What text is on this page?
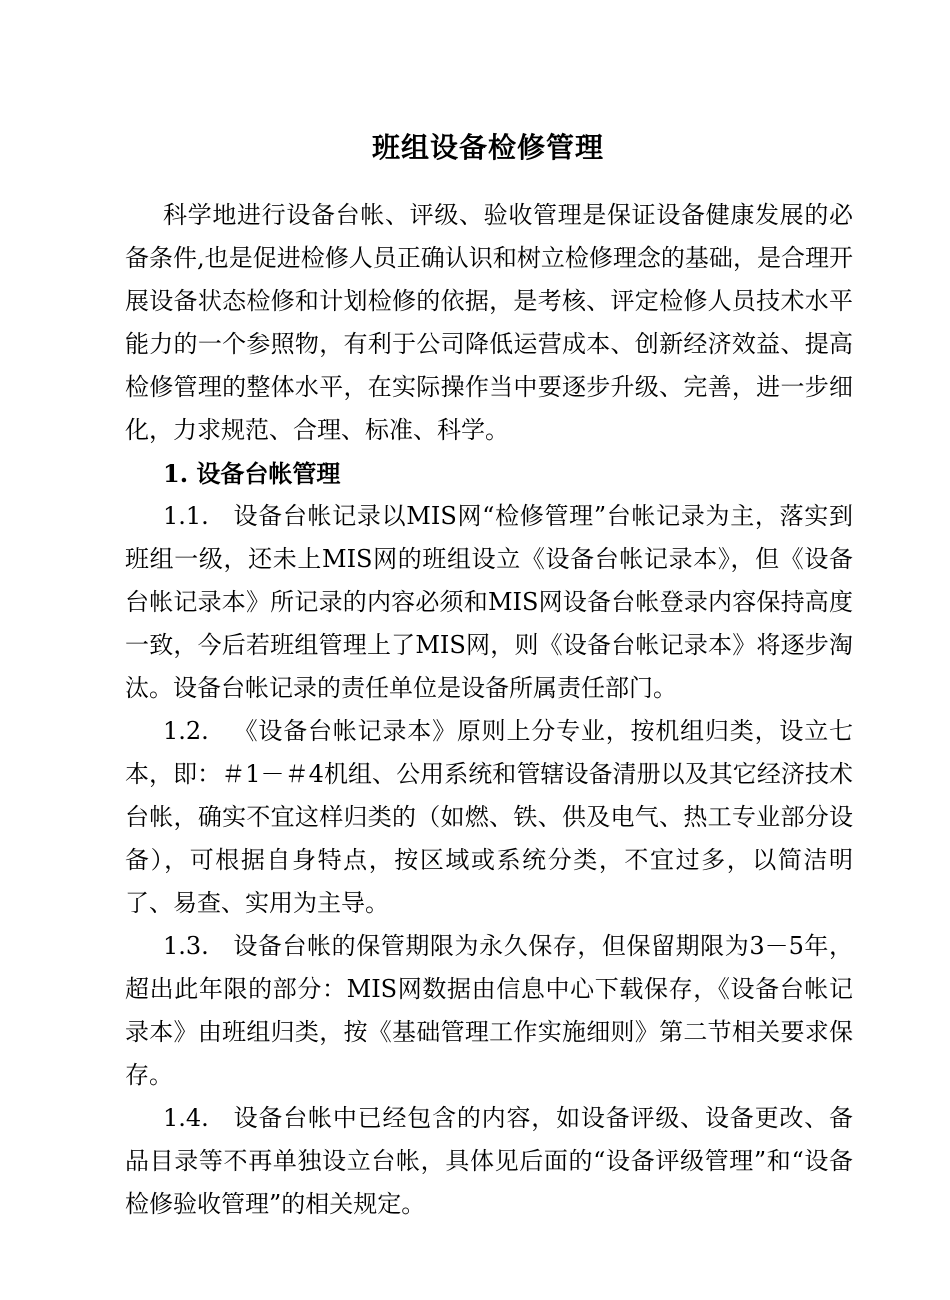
班组设备检修管理

科学地进行设备台帐、评级、验收管理是保证设备健康发展的必备条件,也是促进检修人员正确认识和树立检修理念的基础，是合理开展设备状态检修和计划检修的依据，是考核、评定检修人员技术水平能力的一个参照物，有利于公司降低运营成本、创新经济效益、提高检修管理的整体水平，在实际操作当中要逐步升级、完善，进一步细化，力求规范、合理、标准、科学。

1. 设备台帐管理

1.1. 设备台帐记录以MIS网“检修管理”台帐记录为主，落实到班组一级，还未上MIS网的班组设立《设备台帐记录本》，但《设备台帐记录本》所记录的内容必须和MIS网设备台帐登录内容保持高度一致，今后若班组管理上了MIS网，则《设备台帐记录本》将逐步淘汰。设备台帐记录的责任单位是设备所属责任部门。

1.2. 《设备台帐记录本》原则上分专业，按机组归类，设立七本，即：＃1－＃4机组、公用系统和管辖设备清册以及其它经济技术台帐，确实不宜这样归类的（如燃、铁、供及电气、热工专业部分设备），可根据自身特点，按区域或系统分类，不宜过多，以简洁明了、易查、实用为主导。

1.3. 设备台帐的保管期限为永久保存，但保留期限为3－5年，超出此年限的部分：MIS网数据由信息中心下载保存，《设备台帐记录本》由班组归类，按《基础管理工作实施细则》第二节相关要求保存。

1.4. 设备台帐中已经包含的内容，如设备评级、设备更改、备品目录等不再单独设立台帐，具体见后面的“设备评级管理”和“设备检修验收管理”的相关规定。
